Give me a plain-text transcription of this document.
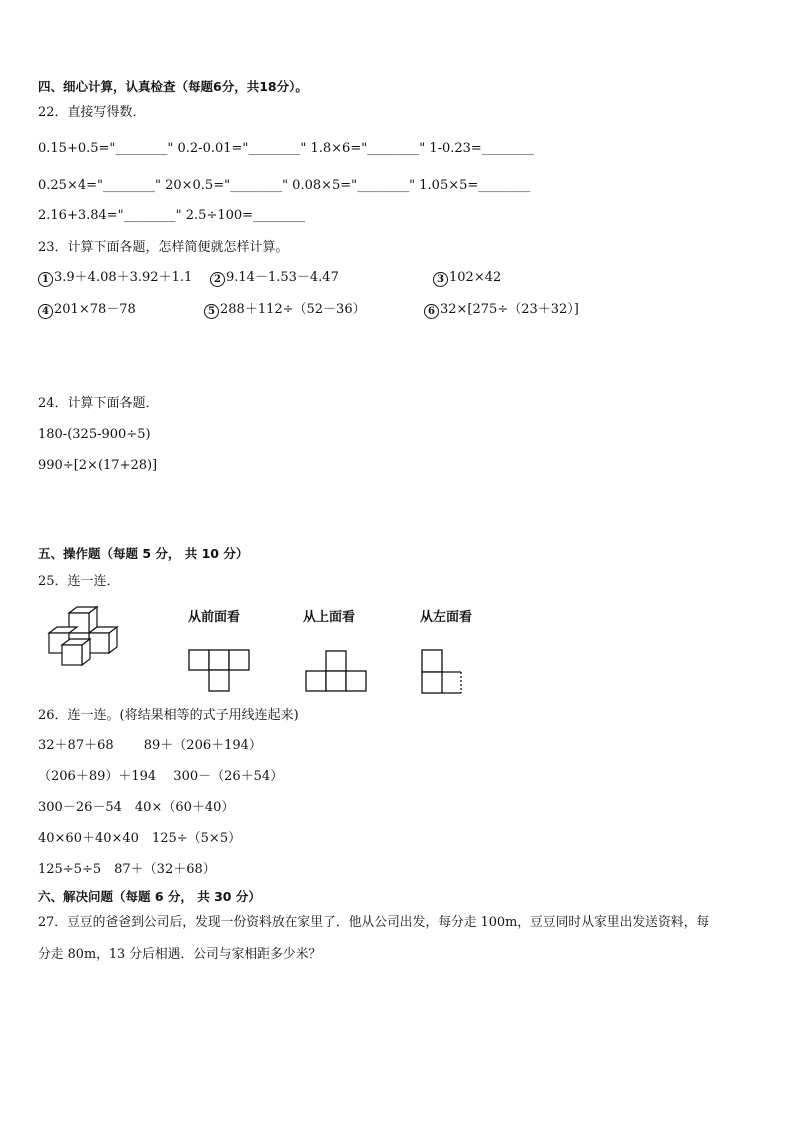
四、细心计算，认真检查（每题6分，共18分）。
22．直接写得数．
0.15+0.5="________" 0.2-0.01="________" 1.8×6="________" 1-0.23=________
0.25×4="________" 20×0.5="________" 0.08×5="________" 1.05×5=________
2.16+3.84="________" 2.5÷100=________
23．计算下面各题，怎样简便就怎样计算。
1 3.9＋4.08＋3.92＋1.1	2 9.14－1.53－4.47	3 102×42
4 201×78－78	5 288＋112÷（52－36）	6 32×[275÷（23＋32）]
24．计算下面各题．
180-(325-900÷5)
990÷[2×(17+28)]
五、操作题（每题 5 分， 共 10 分）
25．连一连．
从前面看	从上面看	从左面看
26．连一连。(将结果相等的式子用线连起来)
32＋87＋68　　 89＋（206＋194）
（206＋89）＋194　 300－（26＋54）
300－26－54　40×（60＋40）
40×60＋40×40　125÷（5×5）
125÷5÷5　87＋（32＋68）
六、解决问题（每题 6 分， 共 30 分）
27．豆豆的爸爸到公司后，发现一份资料放在家里了．他从公司出发，每分走 100m，豆豆同时从家里出发送资料，每
分走 80m，13 分后相遇．公司与家相距多少米？
